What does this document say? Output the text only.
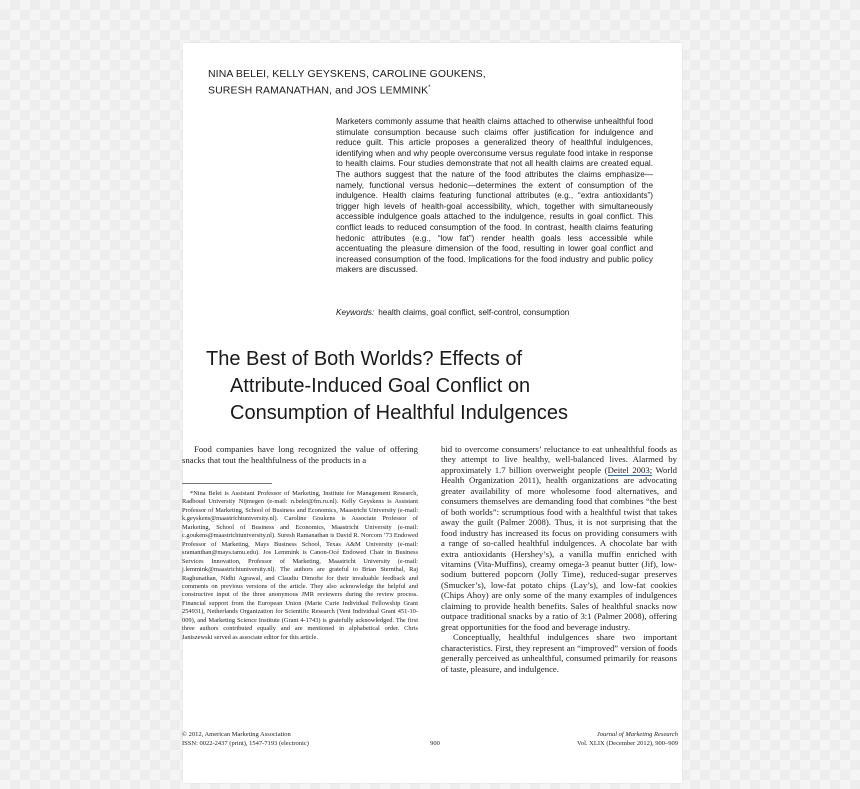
NINA BELEI, KELLY GEYSKENS, CAROLINE GOUKENS,
SURESH RAMANATHAN, and JOS LEMMINK*
Marketers commonly assume that health claims attached to otherwise unhealthful food stimulate consumption because such claims offer justification for indulgence and reduce guilt. This article proposes a generalized theory of healthful indulgences, identifying when and why people overconsume versus regulate food intake in response to health claims. Four studies demonstrate that not all health claims are created equal. The authors suggest that the nature of the food attributes the claims emphasize—namely, functional versus hedonic—determines the extent of consumption of the indulgence. Health claims featuring functional attributes (e.g., “extra antioxidants”) trigger high levels of health-goal accessibility, which, together with simultaneously accessible indulgence goals attached to the indulgence, results in goal conflict. This conflict leads to reduced consumption of the food. In contrast, health claims featuring hedonic attributes (e.g., “low fat”) render health goals less accessible while accentuating the pleasure dimension of the food, resulting in lower goal conflict and increased consumption of the food. Implications for the food industry and public policy makers are discussed.
Keywords: health claims, goal conflict, self-control, consumption
The Best of Both Worlds? Effects of
Attribute-Induced Goal Conflict on
Consumption of Healthful Indulgences
Food companies have long recognized the value of offering snacks that tout the healthfulness of the products in a
*Nina Belei is Assistant Professor of Marketing, Institute for Management Research, Radboud University Nijmegen (e-mail: n.belei@fm.ru.nl). Kelly Geyskens is Assistant Professor of Marketing, School of Business and Economics, Maastricht University (e-mail: k.geyskens@maastrichtuniversity.nl). Caroline Goukens is Associate Professor of Marketing, School of Business and Economics, Maastricht University (e-mail: c.goukens@maastrichtuniversity.nl). Suresh Ramanathan is David R. Norcom ’73 Endowed Professor of Marketing, Mays Business School, Texas A&M University (e-mail: sramanthan@mays.tamu.edu). Jos Lemmink is Canon-Océ Endowed Chair in Business Services Innovation, Professor of Marketing, Maastricht University (e-mail: j.lemmink@maastrichtuniversity.nl). The authors are grateful to Brian Sternthal, Raj Raghunathan, Nidhi Agrawal, and Claudiu Dimofte for their invaluable feedback and comments on previous versions of the article. They also acknowledge the helpful and constructive input of the three anonymous JMR reviewers during the review process. Financial support from the European Union (Marie Curie Individual Fellowship Grant 254931), Netherlands Organization for Scientific Research (Veni Individual Grant 451-10-009), and Marketing Science Institute (Grant 4-1743) is gratefully acknowledged. The first three authors contributed equally and are mentioned in alphabetical order. Chris Janiszewski served as associate editor for this article.

bid to overcome consumers’ reluctance to eat unhealthful foods as they attempt to live healthy, well-balanced lives. Alarmed by approximately 1.7 billion overweight people (Deitel 2003; World Health Organization 2011), health organizations are advocating greater availability of more wholesome food alternatives, and consumers themselves are demanding food that combines “the best of both worlds”: scrumptious food with a healthful twist that takes away the guilt (Palmer 2008). Thus, it is not surprising that the food industry has increased its focus on providing consumers with a range of so-called healthful indulgences. A chocolate bar with extra antioxidants (Hershey’s), a vanilla muffin enriched with vitamins (Vita-Muffins), creamy omega-3 peanut butter (Jif), low-sodium buttered popcorn (Jolly Time), reduced-sugar preserves (Smucker’s), low-fat potato chips (Lay’s), and low-fat cookies (Chips Ahoy) are only some of the many examples of indulgences claiming to provide health benefits. Sales of healthful snacks now outpace traditional snacks by a ratio of 3:1 (Palmer 2008), offering great opportunities for the food and beverage industry.

Conceptually, healthful indulgences share two important characteristics. First, they represent an “improved” version of foods generally perceived as unhealthful, consumed primarily for reasons of taste, pleasure, and indulgence.

© 2012, American Marketing Association
ISSN: 0022-2437 (print), 1547-7193 (electronic)	900
Journal of Marketing Research
Vol. XLIX (December 2012), 900–909
